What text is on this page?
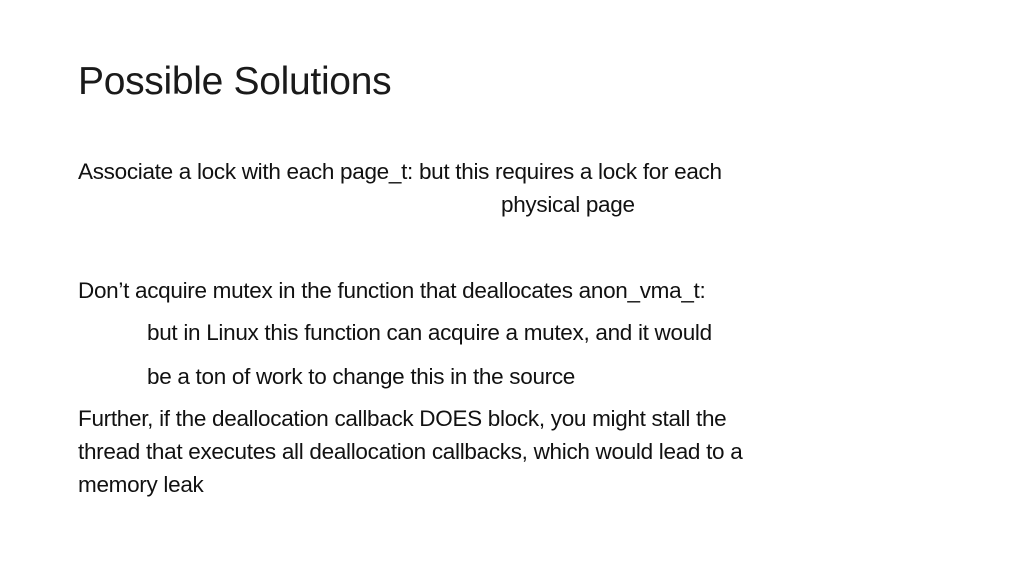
Possible Solutions
Associate a lock with each page_t: but this requires a lock for each
physical page
Don’t acquire mutex in the function that deallocates anon_vma_t:
but in Linux this function can acquire a mutex, and it would
be a ton of work to change this in the source
Further, if the deallocation callback DOES block, you might stall the
thread that executes all deallocation callbacks, which would lead to a
memory leak
